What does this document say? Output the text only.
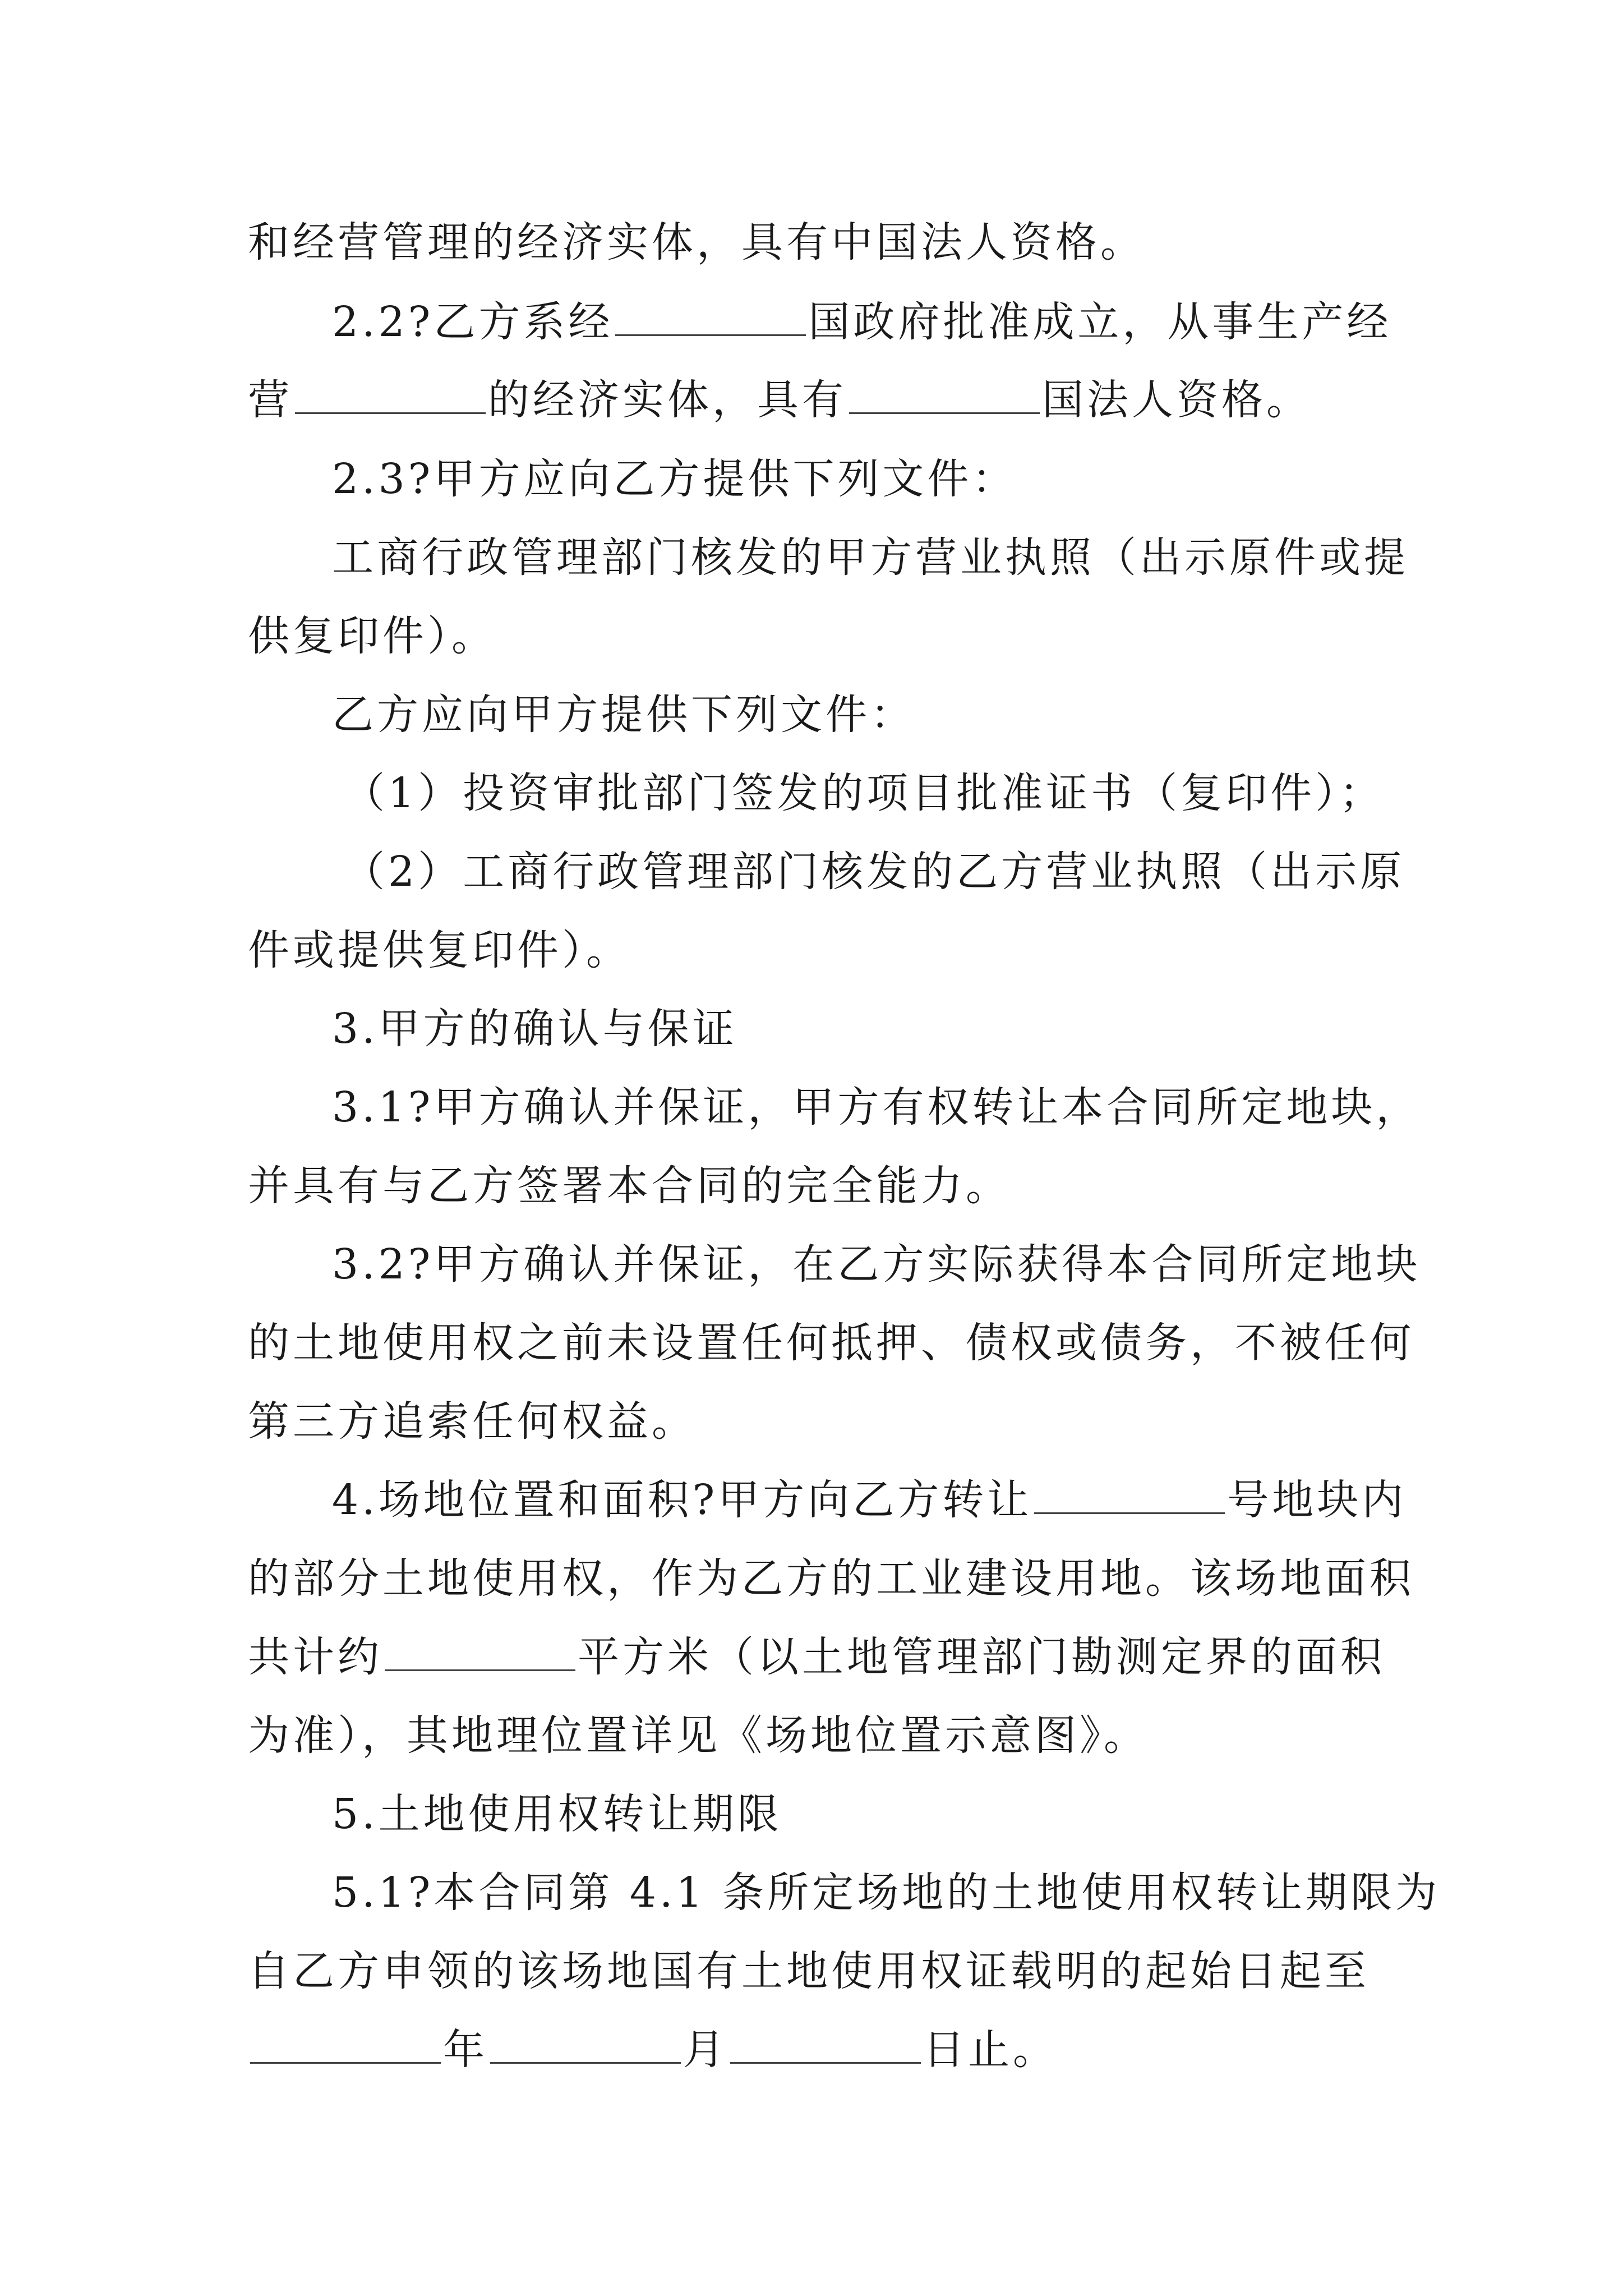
和经营管理的经济实体，具有中国法人资格。
2.2?乙方系经	国政府批准成立，从事生产经
营	的经济实体，具有	国法人资格。
2.3?甲方应向乙方提供下列文件：
工商行政管理部门核发的甲方营业执照（出示原件或提
供复印件）。
乙方应向甲方提供下列文件：
（1）投资审批部门签发的项目批准证书（复印件）；
（2）工商行政管理部门核发的乙方营业执照（出示原
件或提供复印件）。
3.甲方的确认与保证
3.1?甲方确认并保证，甲方有权转让本合同所定地块，
并具有与乙方签署本合同的完全能力。
3.2?甲方确认并保证，在乙方实际获得本合同所定地块
的土地使用权之前未设置任何抵押、债权或债务，不被任何
第三方追索任何权益。
4.场地位置和面积?甲方向乙方转让	号地块内
的部分土地使用权，作为乙方的工业建设用地。该场地面积
共计约	平方米（以土地管理部门勘测定界的面积
为准），其地理位置详见《场地位置示意图》。
5.土地使用权转让期限
5.1?本合同第 4.1 条所定场地的土地使用权转让期限为
自乙方申领的该场地国有土地使用权证载明的起始日起至
年	月	日止。
